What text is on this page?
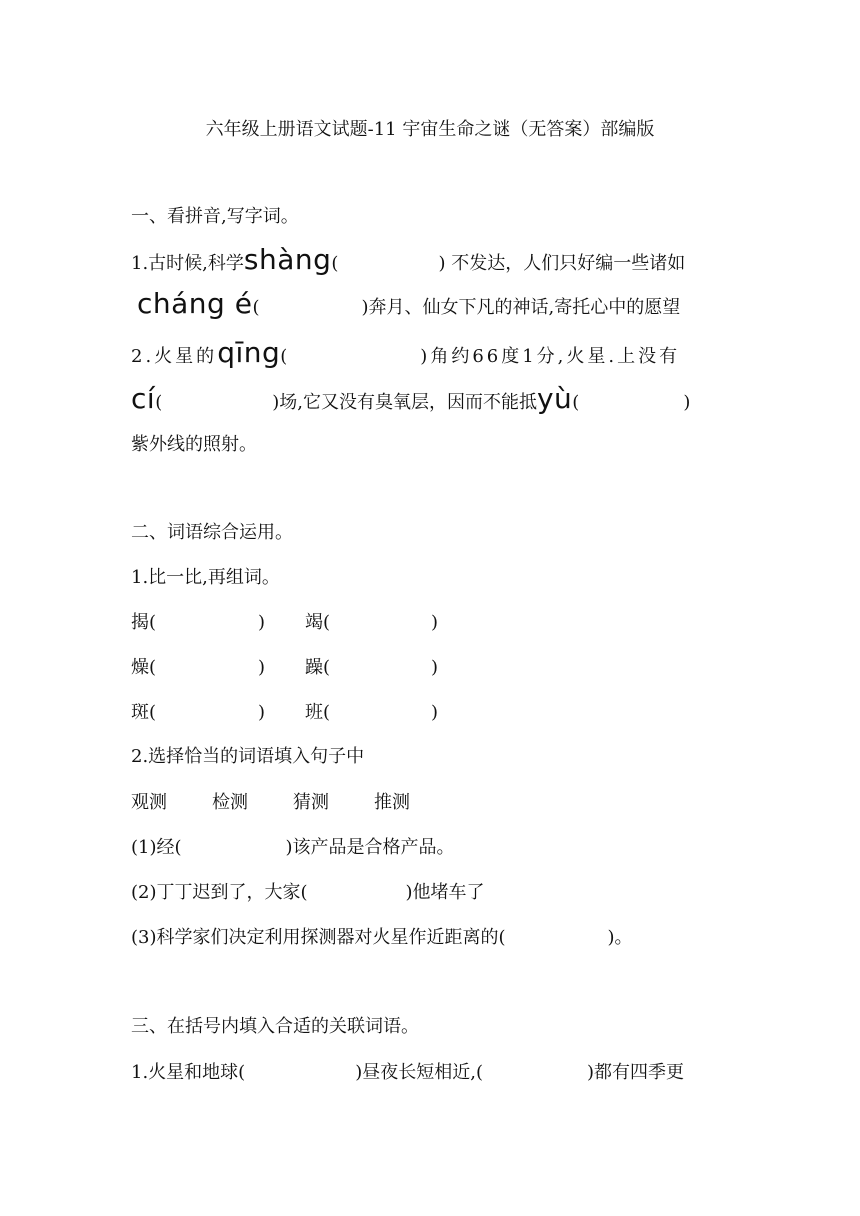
六年级上册语文试题-11 宇宙生命之谜（无答案）部编版
一、看拼音,写字词。
1.古时候,科学shàng(	) 不发达，人们只好编一些诸如
cháng é(	)奔月、仙女下凡的神话,寄托心中的愿望
2.火星的qīng(	)角约66度1分,火星.上没有
cí(	)场,它又没有臭氧层，因而不能抵yù(	)
紫外线的照射。
二、词语综合运用。
1.比一比,再组词。
揭(	) 竭(	)
燥(	) 躁(	)
斑(	) 班(	)
2.选择恰当的词语填入句子中
观测	检测	猜测	推测
(1)经(	)该产品是合格产品。
(2)丁丁迟到了，大家(	)他堵车了
(3)科学家们决定利用探测器对火星作近距离的(	)。
三、在括号内填入合适的关联词语。
1.火星和地球(	)昼夜长短相近,(	)都有四季更
